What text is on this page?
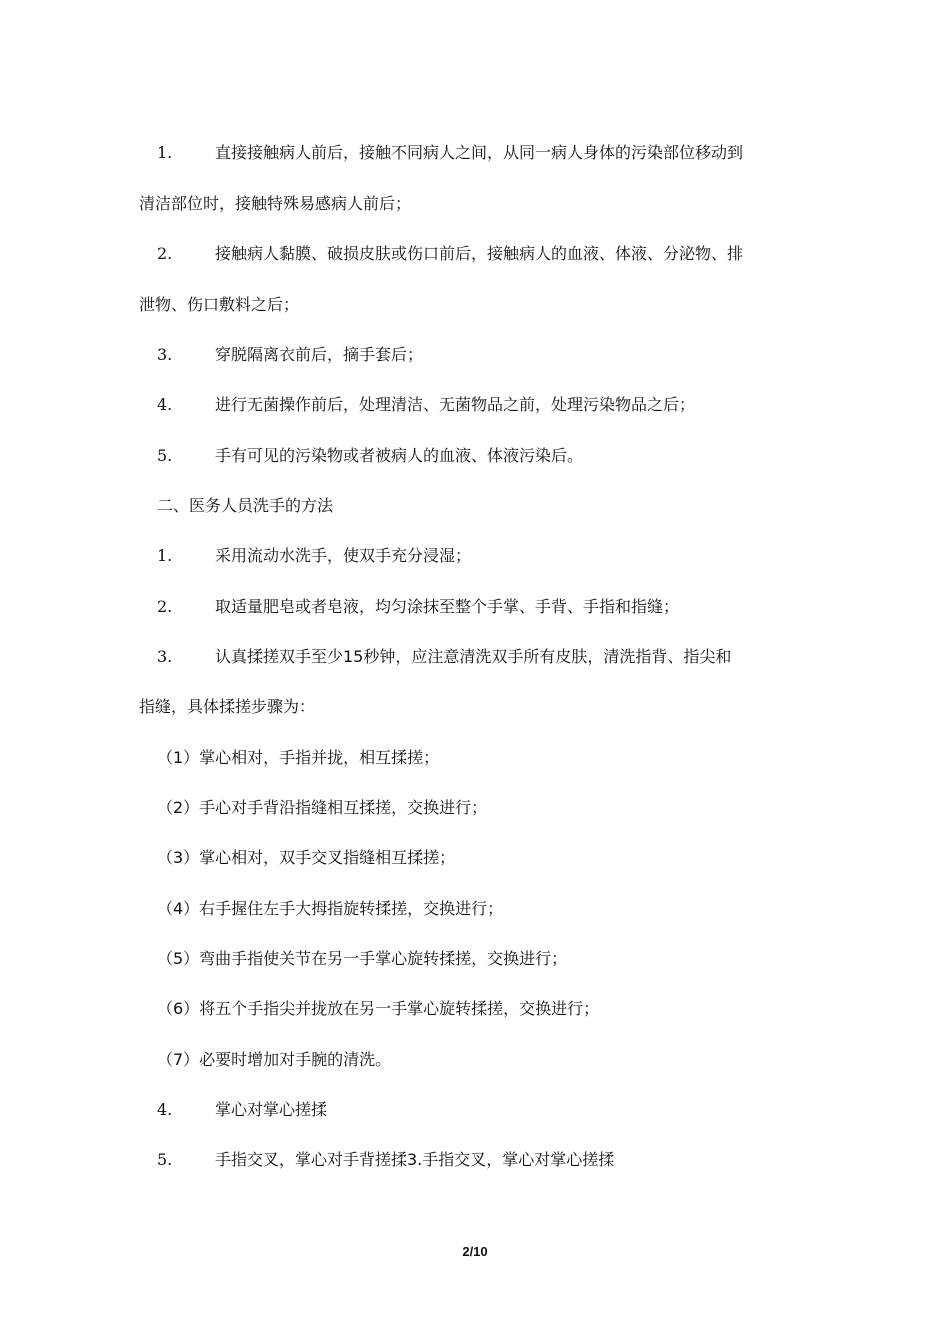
1.	直接接触病人前后，接触不同病人之间，从同一病人身体的污染部位移动到
清洁部位时，接触特殊易感病人前后；
2.	接触病人黏膜、破损皮肤或伤口前后，接触病人的血液、体液、分泌物、排
泄物、伤口敷料之后；
3.	穿脱隔离衣前后，摘手套后；
4.	进行无菌操作前后，处理清洁、无菌物品之前，处理污染物品之后；
5.	手有可见的污染物或者被病人的血液、体液污染后。
二、医务人员洗手的方法
1.	采用流动水洗手，使双手充分浸湿；
2.	取适量肥皂或者皂液，均匀涂抹至整个手掌、手背、手指和指缝；
3.	认真揉搓双手至少15秒钟，应注意清洗双手所有皮肤，清洗指背、指尖和
指缝，具体揉搓步骤为：
（1）掌心相对，手指并拢，相互揉搓；
（2）手心对手背沿指缝相互揉搓，交换进行；
（3）掌心相对，双手交叉指缝相互揉搓；
（4）右手握住左手大拇指旋转揉搓，交换进行；
（5）弯曲手指使关节在另一手掌心旋转揉搓，交换进行；
（6）将五个手指尖并拢放在另一手掌心旋转揉搓，交换进行；
（7）必要时增加对手腕的清洗。
4.	掌心对掌心搓揉
5.	手指交叉，掌心对手背搓揉3.手指交叉，掌心对掌心搓揉
2/10
